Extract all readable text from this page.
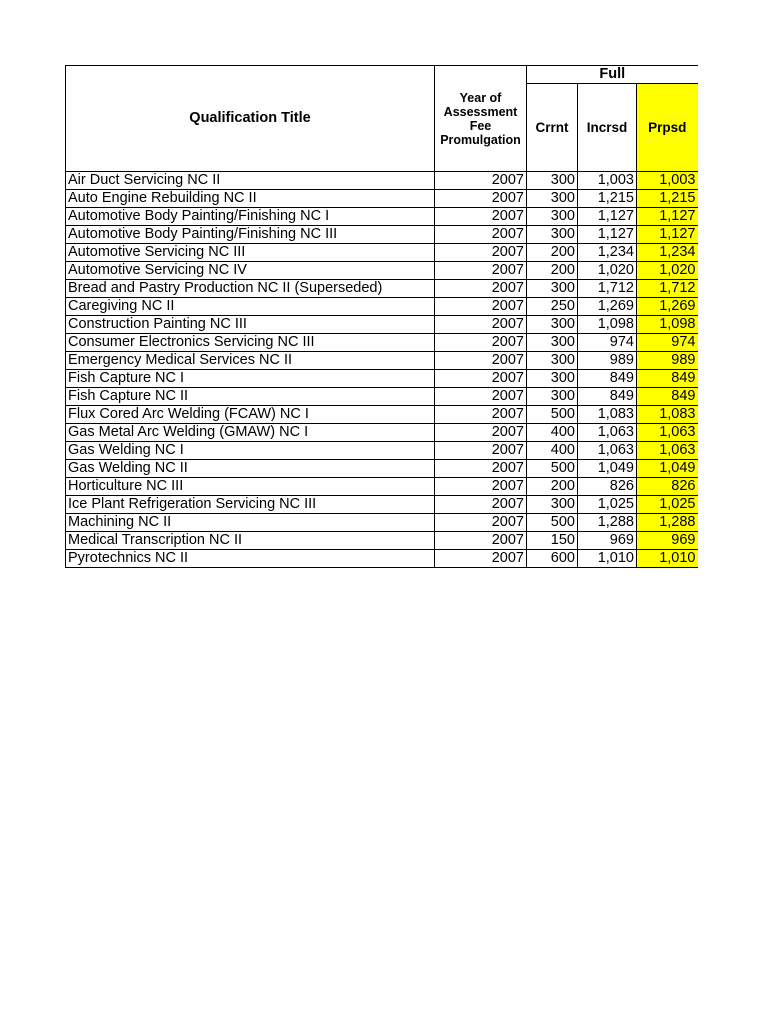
Qualification Title	Year of
Assessment
Fee
Promulgation	Full		
		Crrnt	Incrsd	Prpsd
Air Duct Servicing NC II	2007	300	1,003	1,003
Auto Engine Rebuilding NC II	2007	300	1,215	1,215
Automotive Body Painting/Finishing NC I	2007	300	1,127	1,127
Automotive Body Painting/Finishing NC III	2007	300	1,127	1,127
Automotive Servicing NC III	2007	200	1,234	1,234
Automotive Servicing NC IV	2007	200	1,020	1,020
Bread and Pastry Production NC II (Superseded)	2007	300	1,712	1,712
Caregiving NC II	2007	250	1,269	1,269
Construction Painting NC III	2007	300	1,098	1,098
Consumer Electronics Servicing NC III	2007	300	974	974
Emergency Medical Services NC II	2007	300	989	989
Fish Capture NC I	2007	300	849	849
Fish Capture NC II	2007	300	849	849
Flux Cored Arc Welding (FCAW) NC I	2007	500	1,083	1,083
Gas Metal Arc Welding (GMAW) NC I	2007	400	1,063	1,063
Gas Welding NC I	2007	400	1,063	1,063
Gas Welding NC II	2007	500	1,049	1,049
Horticulture NC III	2007	200	826	826
Ice Plant Refrigeration Servicing NC III	2007	300	1,025	1,025
Machining NC II	2007	500	1,288	1,288
Medical Transcription NC II	2007	150	969	969
Pyrotechnics NC II	2007	600	1,010	1,010
